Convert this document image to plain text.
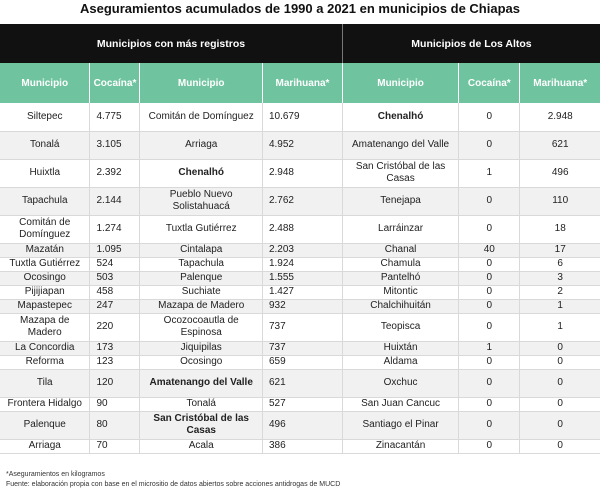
Aseguramientos acumulados de 1990 a 2021 en municipios de Chiapas
Municipios con más registros				Municipios de Los Altos		
Municipio	Cocaína*	Municipio	Marihuana*	Municipio	Cocaína*	Marihuana*
Siltepec	4.775	Comitán de Domínguez	10.679	Chenalhó	0	2.948
Tonalá	3.105	Arriaga	4.952	Amatenango del Valle	0	621
Huixtla	2.392	Chenalhó	2.948	San Cristóbal de las Casas	1	496
Tapachula	2.144	Pueblo Nuevo Solistahuacá	2.762	Tenejapa	0	110
Comitán de Domínguez	1.274	Tuxtla Gutiérrez	2.488	Larráinzar	0	18
Mazatán	1.095	Cintalapa	2.203	Chanal	40	17
Tuxtla Gutiérrez	524	Tapachula	1.924	Chamula	0	6
Ocosingo	503	Palenque	1.555	Pantelhó	0	3
Pijijiapan	458	Suchiate	1.427	Mitontic	0	2
Mapastepec	247	Mazapa de Madero	932	Chalchihuitán	0	1
Mazapa de Madero	220	Ocozocoautla de Espinosa	737	Teopisca	0	1
La Concordia	173	Jiquipilas	737	Huixtán	1	0
Reforma	123	Ocosingo	659	Aldama	0	0
Tila	120	Amatenango del Valle	621	Oxchuc	0	0
Frontera Hidalgo	90	Tonalá	527	San Juan Cancuc	0	0
Palenque	80	San Cristóbal de las Casas	496	Santiago el Pinar	0	0
Arriaga	70	Acala	386	Zinacantán	0	0
*Aseguramientos en kilogramos
Fuente: elaboración propia con base en el micrositio de datos abiertos sobre acciones antidrogas de MUCD
